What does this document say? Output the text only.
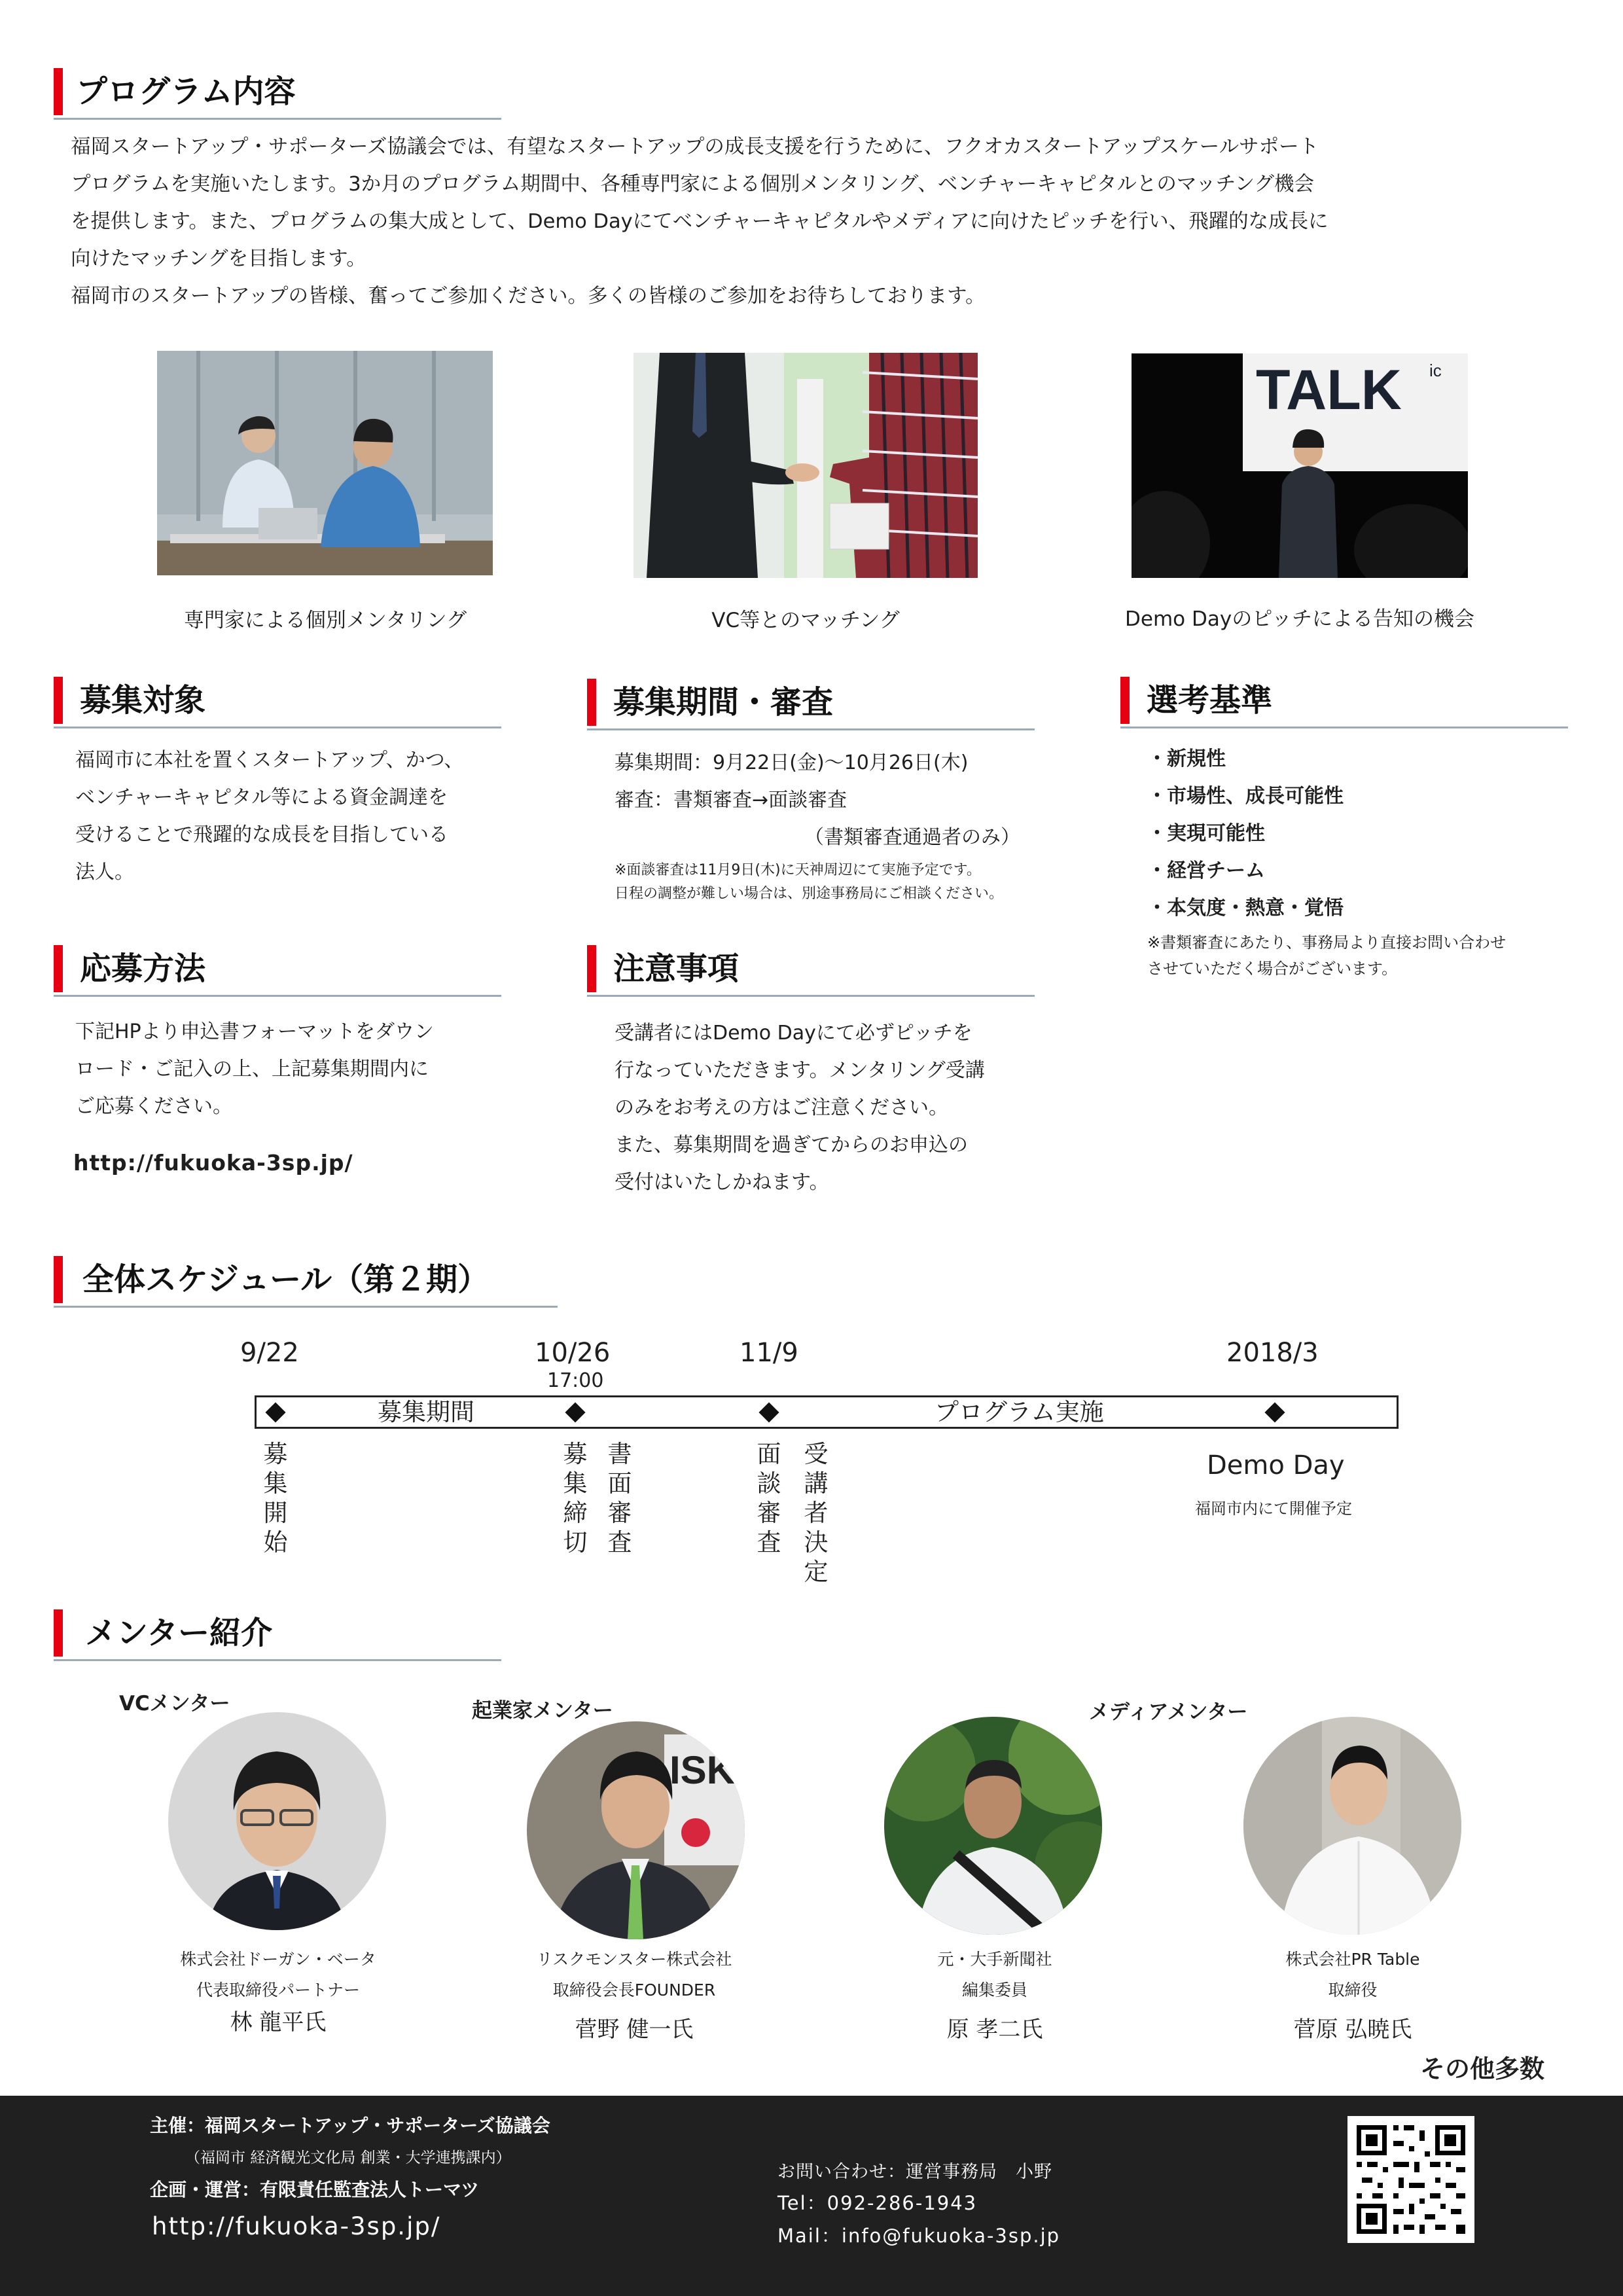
プログラム内容
福岡スタートアップ・サポーターズ協議会では、有望なスタートアップの成長支援を行うために、フクオカスタートアップスケールサポート
プログラムを実施いたします。3か月のプログラム期間中、各種専門家による個別メンタリング、ベンチャーキャピタルとのマッチング機会
を提供します。また、プログラムの集大成として、Demo Dayにてベンチャーキャピタルやメディアに向けたピッチを行い、飛躍的な成長に
向けたマッチングを目指します。
福岡市のスタートアップの皆様、奮ってご参加ください。多くの皆様のご参加をお待ちしております。
TALK ic
専門家による個別メンタリング	VC等とのマッチング	Demo Dayのピッチによる告知の機会
募集対象
福岡市に本社を置くスタートアップ、かつ、
ベンチャーキャピタル等による資金調達を
受けることで飛躍的な成長を目指している
法人。
募集期間・審査
募集期間：9月22日(金)〜10月26日(木)
審査：書類審査→面談審査
（書類審査通過者のみ）
※面談審査は11月9日(木)に天神周辺にて実施予定です。
日程の調整が難しい場合は、別途事務局にご相談ください。
選考基準
・新規性
・市場性、成長可能性
・実現可能性
・経営チーム
・本気度・熱意・覚悟
※書類審査にあたり、事務局より直接お問い合わせ
させていただく場合がございます。
応募方法
下記HPより申込書フォーマットをダウン
ロード・ご記入の上、上記募集期間内に
ご応募ください。
http://fukuoka-3sp.jp/
注意事項
受講者にはDemo Dayにて必ずピッチを
行なっていただきます。メンタリング受講
のみをお考えの方はご注意ください。
また、募集期間を過ぎてからのお申込の
受付はいたしかねます。
全体スケジュール（第２期）
9/22	10/26
17:00
11/9	2018/3
募集期間	プログラム実施
募集開始
募集締切
書面審査
面談審査
受講者決定
Demo Day
福岡市内にて開催予定
メンター紹介
VCメンター	起業家メンター	メディアメンター
ISK
株式会社ドーガン・ベータ
代表取締役パートナー
林 龍平氏
リスクモンスター株式会社
取締役会長FOUNDER
菅野 健一氏
元・大手新聞社
編集委員
原 孝二氏
株式会社PR Table
取締役
菅原 弘暁氏
その他多数
主催：福岡スタートアップ・サポーターズ協議会
（福岡市 経済観光文化局 創業・大学連携課内）
企画・運営：有限責任監査法人トーマツ
http://fukuoka-3sp.jp/
お問い合わせ：運営事務局　小野
Tel：092-286-1943
Mail：info@fukuoka-3sp.jp
